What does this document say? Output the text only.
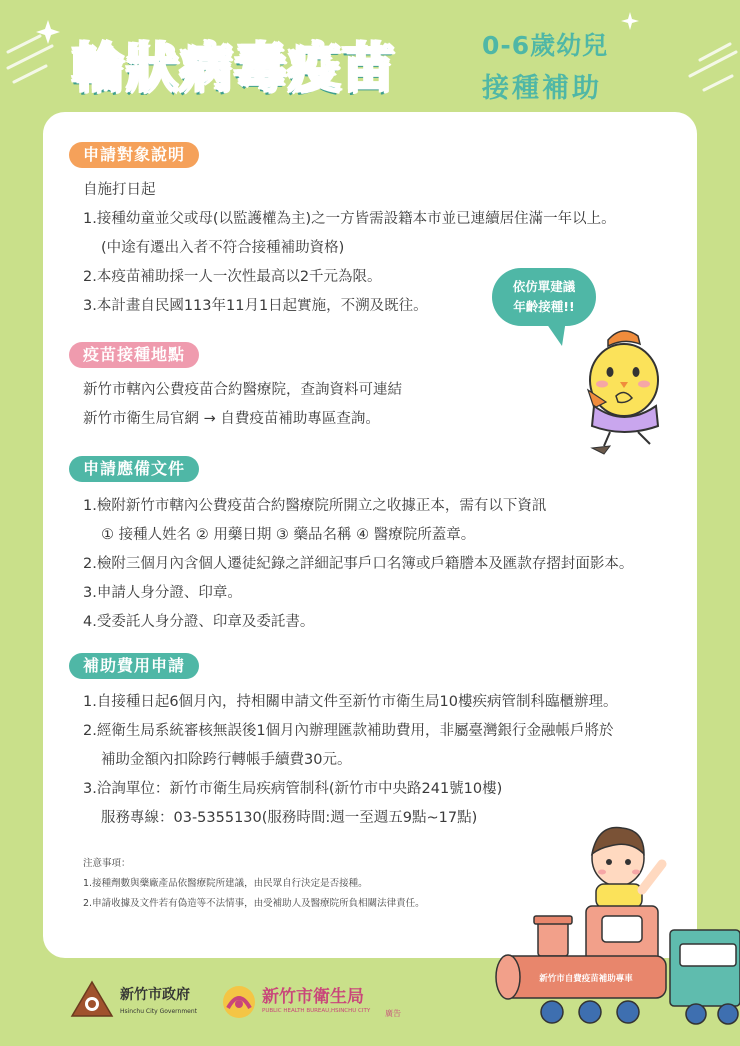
輪狀病毒疫苗	0-6歲幼兒
接種補助
申請對象說明

自施打日起

1.接種幼童並父或母(以監護權為主)之一方皆需設籍本市並已連續居住滿一年以上。

(中途有遷出入者不符合接種補助資格)

2.本疫苗補助採一人一次性最高以2千元為限。

3.本計畫自民國113年11月1日起實施，不溯及既往。

疫苗接種地點

新竹市轄內公費疫苗合約醫療院，查詢資料可連結

新竹市衛生局官網 → 自費疫苗補助專區查詢。

申請應備文件

1.檢附新竹市轄內公費疫苗合約醫療院所開立之收據正本，需有以下資訊

① 接種人姓名 ② 用藥日期 ③ 藥品名稱 ④ 醫療院所蓋章。

2.檢附三個月內含個人遷徒紀錄之詳細記事戶口名簿或戶籍謄本及匯款存摺封面影本。

3.申請人身分證、印章。

4.受委託人身分證、印章及委託書。

補助費用申請

1.自接種日起6個月內，持相關申請文件至新竹市衛生局10樓疾病管制科臨櫃辦理。

2.經衛生局系統審核無誤後1個月內辦理匯款補助費用，非屬臺灣銀行金融帳戶將於

補助金額內扣除跨行轉帳手續費30元。

3.洽詢單位：新竹市衛生局疾病管制科(新竹市中央路241號10樓)

服務專線：03-5355130(服務時間:週一至週五9點~17點)

注意事項：
1.接種劑數與藥廠產品依醫療院所建議，由民眾自行決定是否接種。
2.申請收據及文件若有偽造等不法情事，由受補助人及醫療院所負相關法律責任。
依仿單建議
年齡接種!!
新竹市自費疫苗補助專車
新竹市政府
Hsinchu City Government
新竹市衛生局
PUBLIC HEALTH BUREAU,HSINCHU CITY 廣告
